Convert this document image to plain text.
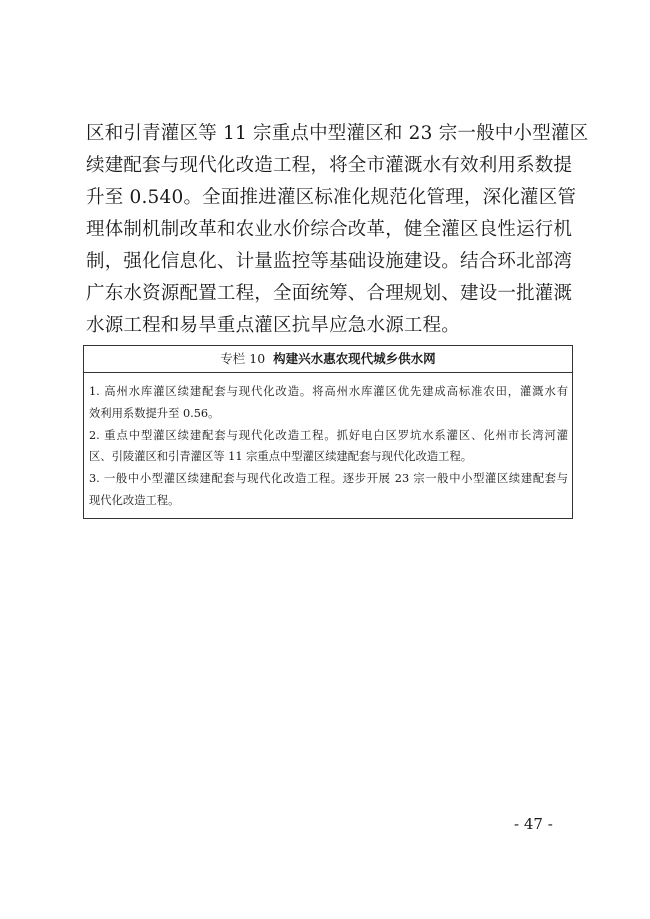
区和引青灌区等 11 宗重点中型灌区和 23 宗一般中小型灌区
续建配套与现代化改造工程，将全市灌溉水有效利用系数提
升至 0.540。全面推进灌区标准化规范化管理，深化灌区管
理体制机制改革和农业水价综合改革，健全灌区良性运行机
制，强化信息化、计量监控等基础设施建设。结合环北部湾
广东水资源配置工程，全面统筹、合理规划、建设一批灌溉
水源工程和易旱重点灌区抗旱应急水源工程。
专栏 10 构建兴水惠农现代城乡供水网
1. 高州水库灌区续建配套与现代化改造。将高州水库灌区优先建成高标准农田，灌溉水有
效利用系数提升至 0.56。
2. 重点中型灌区续建配套与现代化改造工程。抓好电白区罗坑水系灌区、化州市长湾河灌
区、引陵灌区和引青灌区等 11 宗重点中型灌区续建配套与现代化改造工程。
3. 一般中小型灌区续建配套与现代化改造工程。逐步开展 23 宗一般中小型灌区续建配套与
现代化改造工程。
- 47 -
